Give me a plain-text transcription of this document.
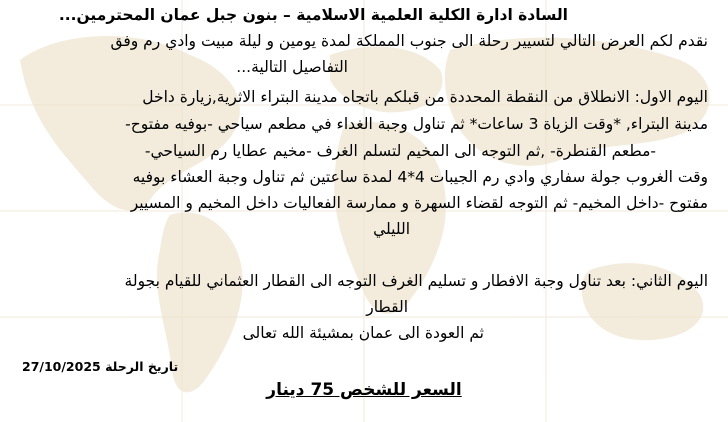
السادة ادارة الكلية العلمية الاسلامية – بنون جبل عمان المحترمين...
نقدم لكم العرض التالي لتسيير رحلة الى جنوب المملكة لمدة يومين و ليلة مبيت وادي رم وفق
التفاصيل التالية...
اليوم الاول: الانطلاق من النقطة المحددة من قبلكم باتجاه مدينة البتراء الاثرية,زيارة داخل
مدينة البتراء, *وقت الزياة 3 ساعات* ثم تناول وجبة الغداء في مطعم سياحي -بوفيه مفتوح-
-مطعم القنطرة- ,ثم التوجه الى المخيم لتسلم الغرف -مخيم عطايا رم السياحي-
وقت الغروب جولة سفاري وادي رم الجيبات 4*4 لمدة ساعتين ثم تناول وجبة العشاء بوفيه
مفتوح -داخل المخيم- ثم التوجه لقضاء السهرة و ممارسة الفعاليات داخل المخيم و المسيير
الليلي
اليوم الثاني: بعد تناول وجبة الافطار و تسليم الغرف التوجه الى القطار العثماني للقيام بجولة
القطار
ثم العودة الى عمان بمشيئة الله تعالى
تاريخ الرحلة 27/10/2025
السعر للشخص 75 دينار
